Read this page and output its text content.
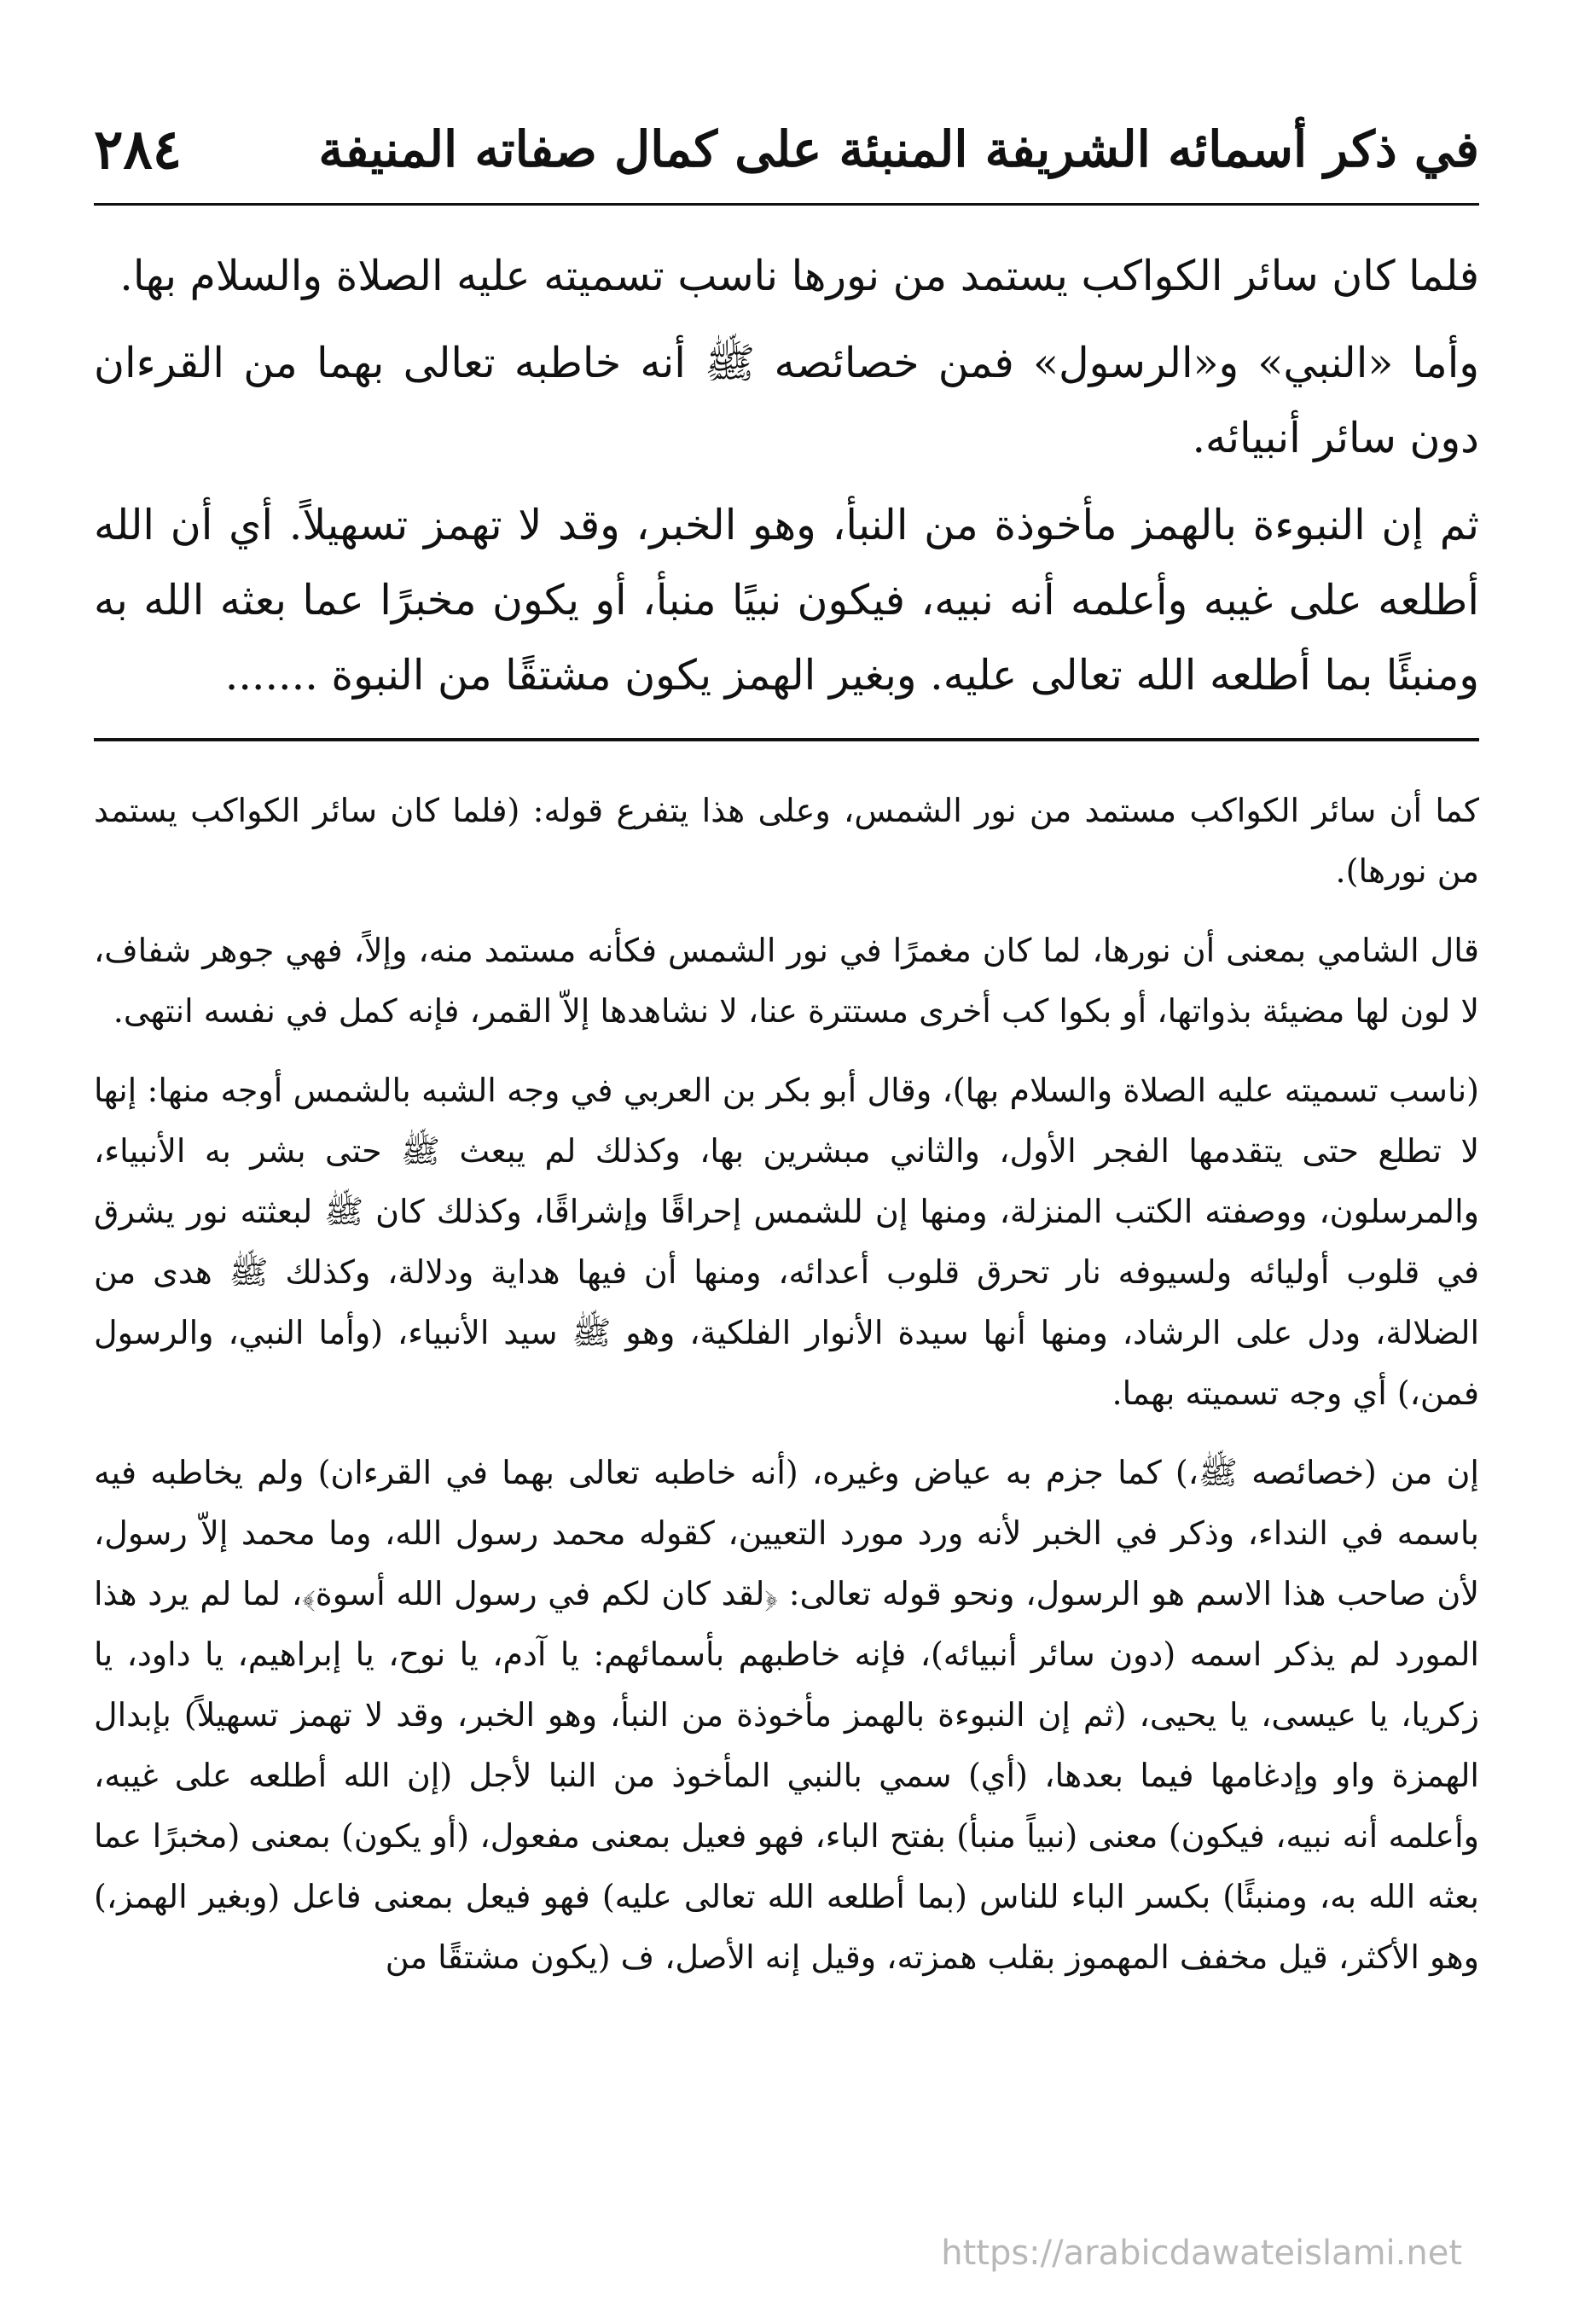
٢٨٤	في ذكر أسمائه الشريفة المنبئة على كمال صفاته المنيفة

فلما كان سائر الكواكب يستمد من نورها ناسب تسميته عليه الصلاة والسلام بها.

وأما «النبي» و«الرسول» فمن خصائصه ﷺ أنه خاطبه تعالى بهما من القرءان دون سائر أنبيائه.

ثم إن النبوءة بالهمز مأخوذة من النبأ، وهو الخبر، وقد لا تهمز تسهيلاً. أي أن الله أطلعه على غيبه وأعلمه أنه نبيه، فيكون نبيًا منبأ، أو يكون مخبرًا عما بعثه الله به ومنبئًا بما أطلعه الله تعالى عليه. وبغير الهمز يكون مشتقًا من النبوة .......

كما أن سائر الكواكب مستمد من نور الشمس، وعلى هذا يتفرع قوله: (فلما كان سائر الكواكب يستمد من نورها).

قال الشامي بمعنى أن نورها، لما كان مغمرًا في نور الشمس فكأنه مستمد منه، وإلاً، فهي جوهر شفاف، لا لون لها مضيئة بذواتها، أو بكوا كب أخرى مستترة عنا، لا نشاهدها إلاّ القمر، فإنه كمل في نفسه انتهى.

(ناسب تسميته عليه الصلاة والسلام بها)، وقال أبو بكر بن العربي في وجه الشبه بالشمس أوجه منها: إنها لا تطلع حتى يتقدمها الفجر الأول، والثاني مبشرين بها، وكذلك لم يبعث ﷺ حتى بشر به الأنبياء، والمرسلون، ووصفته الكتب المنزلة، ومنها إن للشمس إحراقًا وإشراقًا، وكذلك كان ﷺ لبعثته نور يشرق في قلوب أوليائه ولسيوفه نار تحرق قلوب أعدائه، ومنها أن فيها هداية ودلالة، وكذلك ﷺ هدى من الضلالة، ودل على الرشاد، ومنها أنها سيدة الأنوار الفلكية، وهو ﷺ سيد الأنبياء، (وأما النبي، والرسول فمن،) أي وجه تسميته بهما.

إن من (خصائصه ﷺ،) كما جزم به عياض وغيره، (أنه خاطبه تعالى بهما في القرءان) ولم يخاطبه فيه باسمه في النداء، وذكر في الخبر لأنه ورد مورد التعيين، كقوله محمد رسول الله، وما محمد إلاّ رسول، لأن صاحب هذا الاسم هو الرسول، ونحو قوله تعالى: ﴿لقد كان لكم في رسول الله أسوة﴾، لما لم يرد هذا المورد لم يذكر اسمه (دون سائر أنبيائه)، فإنه خاطبهم بأسمائهم: يا آدم، يا نوح، يا إبراهيم، يا داود، يا زكريا، يا عيسى، يا يحيى، (ثم إن النبوءة بالهمز مأخوذة من النبأ، وهو الخبر، وقد لا تهمز تسهيلاً) بإبدال الهمزة واو وإدغامها فيما بعدها، (أي) سمي بالنبي المأخوذ من النبا لأجل (إن الله أطلعه على غيبه، وأعلمه أنه نبيه، فيكون) معنى (نبياً منبأ) بفتح الباء، فهو فعيل بمعنى مفعول، (أو يكون) بمعنى (مخبرًا عما بعثه الله به، ومنبئًا) بكسر الباء للناس (بما أطلعه الله تعالى عليه) فهو فيعل بمعنى فاعل (وبغير الهمز،) وهو الأكثر، قيل مخفف المهموز بقلب همزته، وقيل إنه الأصل، ف (يكون مشتقًا من

https://arabicdawateislami.net
